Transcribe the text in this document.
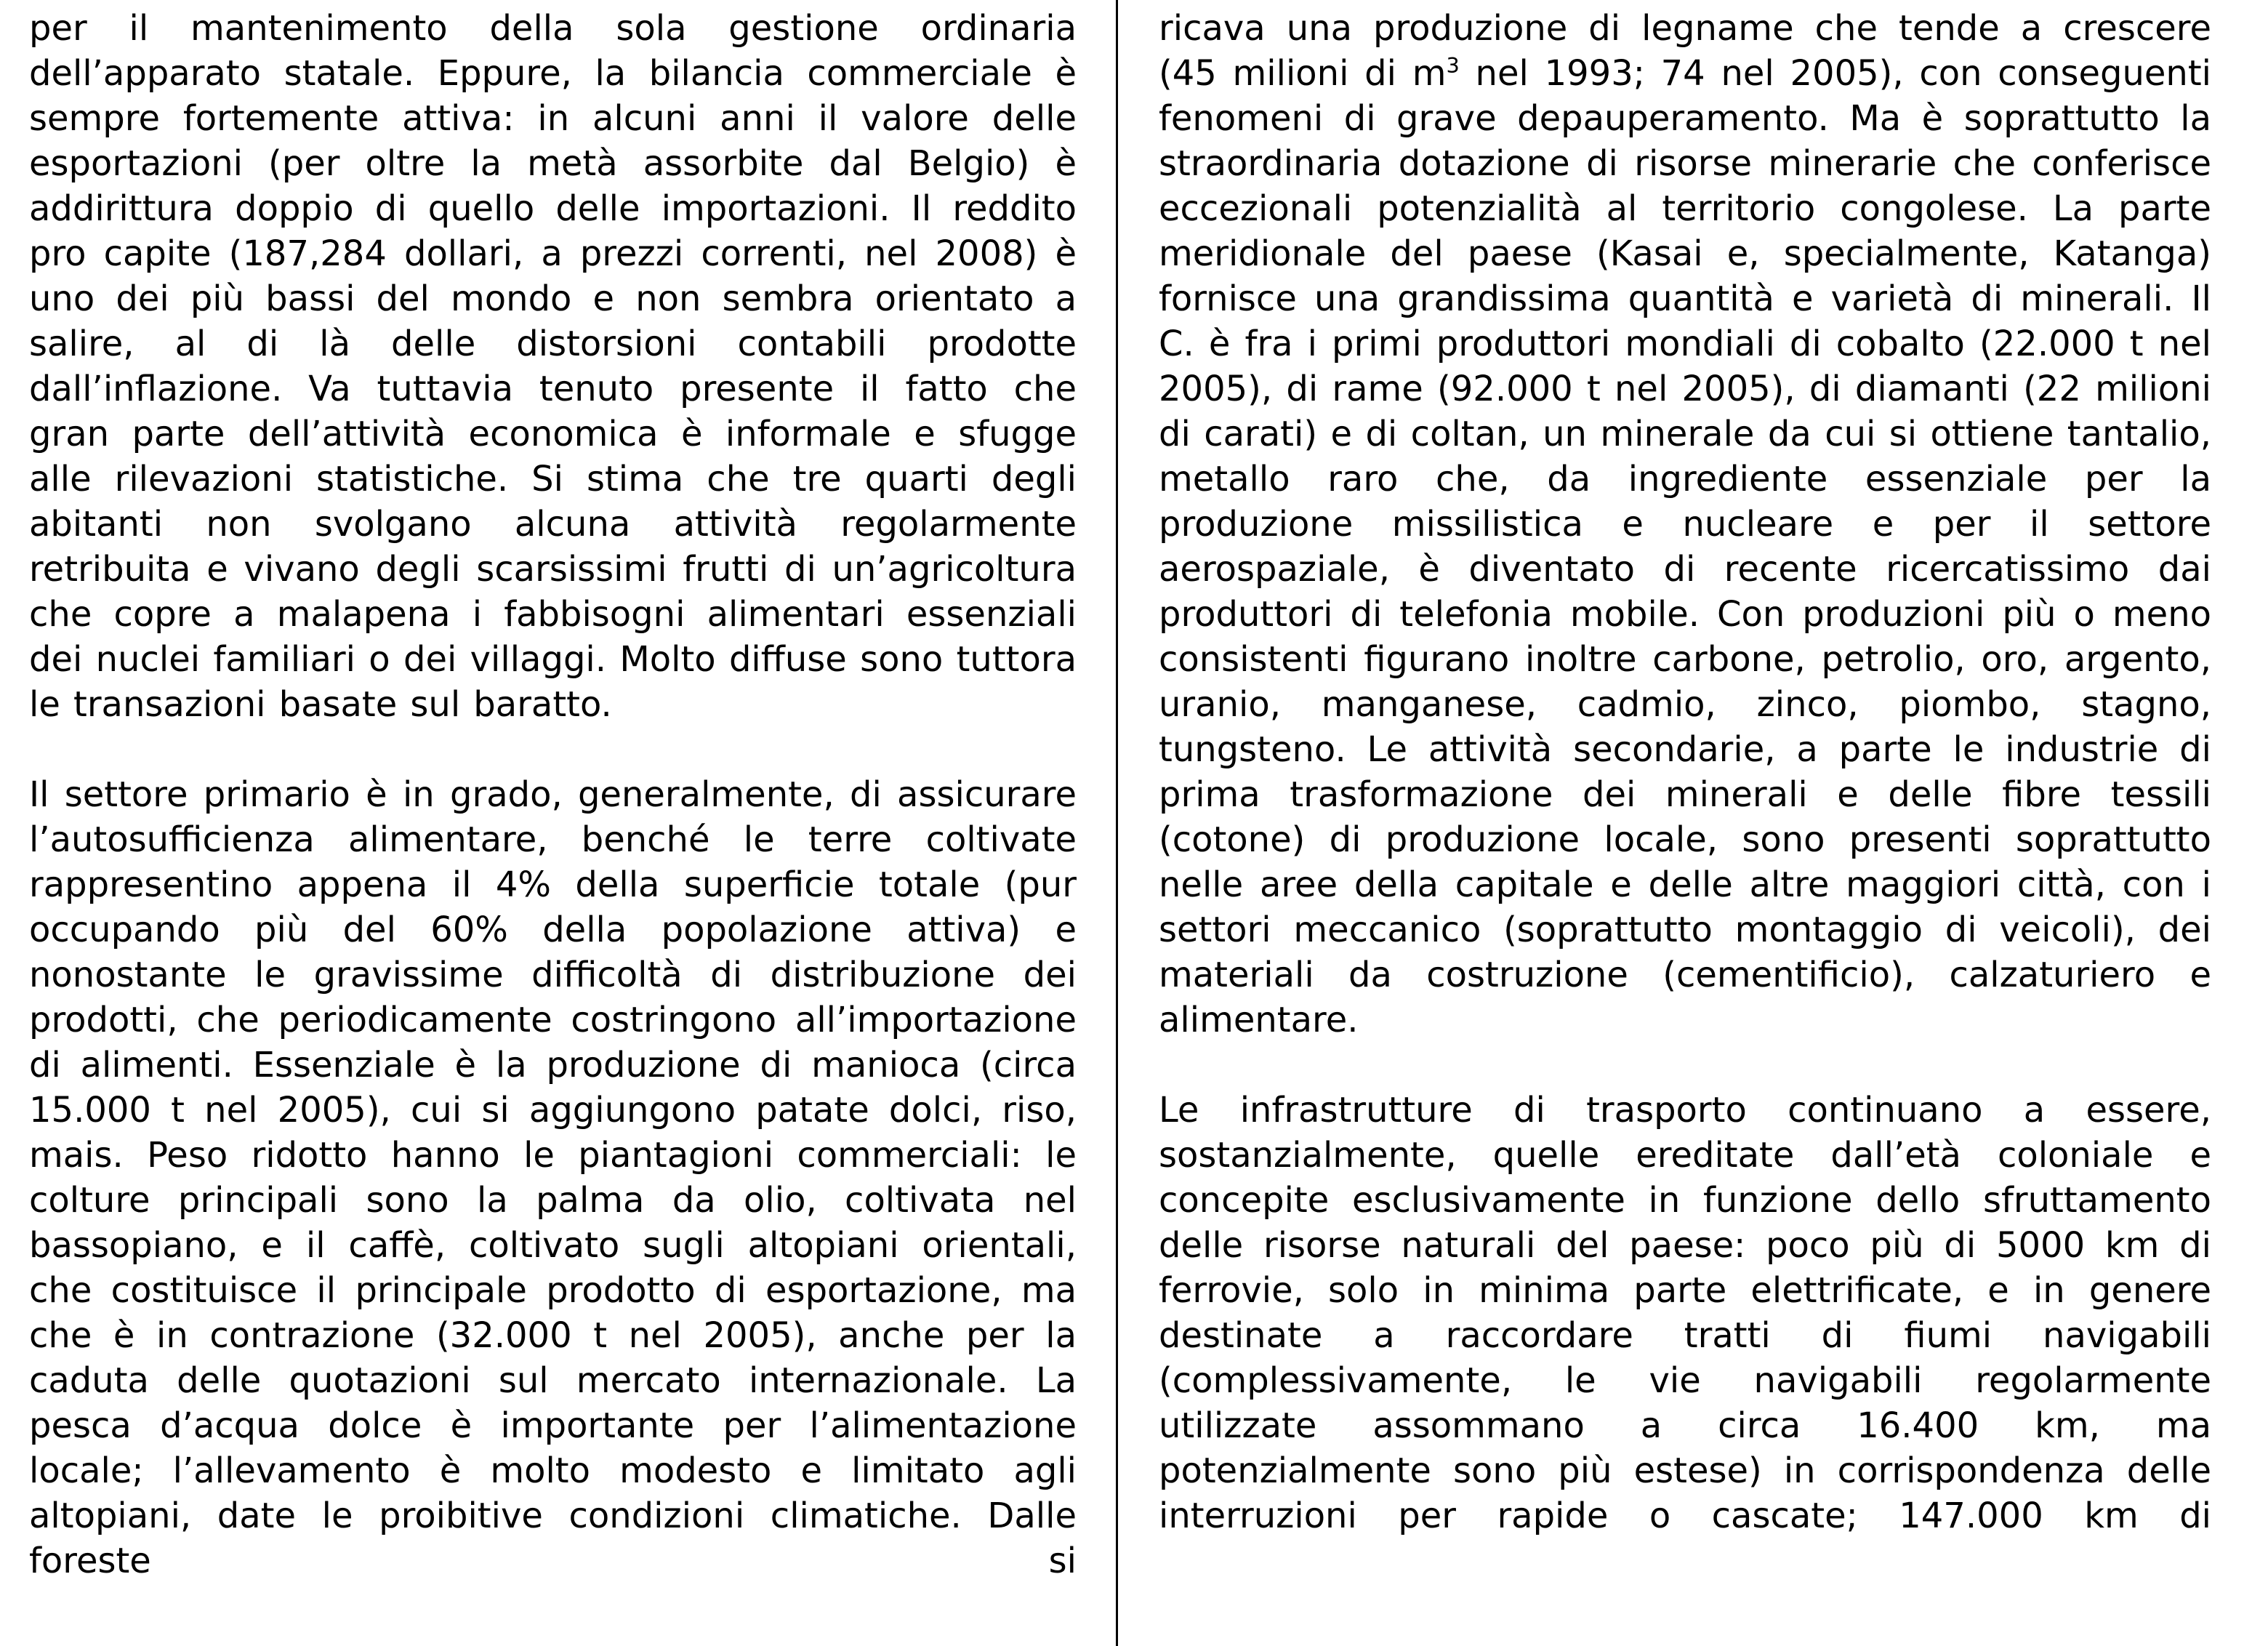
per il mantenimento della sola gestione ordinaria dell’apparato statale. Eppure, la bilancia commerciale è sempre fortemente attiva: in alcuni anni il valore delle esportazioni (per oltre la metà assorbite dal Belgio) è addirittura doppio di quello delle importazioni. Il reddito pro capite (187,284 dollari, a prezzi correnti, nel 2008) è uno dei più bassi del mondo e non sembra orientato a salire, al di là delle distorsioni contabili prodotte dall’inflazione. Va tuttavia tenuto presente il fatto che gran parte dell’attività economica è informale e sfugge alle rilevazioni statistiche. Si stima che tre quarti degli abitanti non svolgano alcuna attività regolarmente retribuita e vivano degli scarsissimi frutti di un’agricoltura che copre a malapena i fabbisogni alimentari essenziali dei nuclei familiari o dei villaggi. Molto diffuse sono tuttora le transazioni basate sul baratto.

Il settore primario è in grado, generalmente, di assicurare l’autosufficienza alimentare, benché le terre coltivate rappresentino appena il 4% della superficie totale (pur occupando più del 60% della popolazione attiva) e nonostante le gravissime difficoltà di distribuzione dei prodotti, che periodicamente costringono all’importazione di alimenti. Essenziale è la produzione di manioca (circa 15.000 t nel 2005), cui si aggiungono patate dolci, riso, mais. Peso ridotto hanno le piantagioni commerciali: le colture principali sono la palma da olio, coltivata nel bassopiano, e il caffè, coltivato sugli altopiani orientali, che costituisce il principale prodotto di esportazione, ma che è in contrazione (32.000 t nel 2005), anche per la caduta delle quotazioni sul mercato internazionale. La pesca d’acqua dolce è importante per l’alimentazione locale; l’allevamento è molto modesto e limitato agli altopiani, date le proibitive condizioni climatiche. Dalle foreste si

ricava una produzione di legname che tende a crescere (45 milioni di $m^3$ nel 1993; 74 nel 2005), con conseguenti fenomeni di grave depauperamento. Ma è soprattutto la straordinaria dotazione di risorse minerarie che conferisce eccezionali potenzialità al territorio congolese. La parte meridionale del paese (Kasai e, specialmente, Katanga) fornisce una grandissima quantità e varietà di minerali. Il C. è fra i primi produttori mondiali di cobalto (22.000 t nel 2005), di rame (92.000 t nel 2005), di diamanti (22 milioni di carati) e di coltan, un minerale da cui si ottiene tantalio, metallo raro che, da ingrediente essenziale per la produzione missilistica e nucleare e per il settore aerospaziale, è diventato di recente ricercatissimo dai produttori di telefonia mobile. Con produzioni più o meno consistenti figurano inoltre carbone, petrolio, oro, argento, uranio, manganese, cadmio, zinco, piombo, stagno, tungsteno. Le attività secondarie, a parte le industrie di prima trasformazione dei minerali e delle fibre tessili (cotone) di produzione locale, sono presenti soprattutto nelle aree della capitale e delle altre maggiori città, con i settori meccanico (soprattutto montaggio di veicoli), dei materiali da costruzione (cementificio), calzaturiero e alimentare.

Le infrastrutture di trasporto continuano a essere, sostanzialmente, quelle ereditate dall’età coloniale e concepite esclusivamente in funzione dello sfruttamento delle risorse naturali del paese: poco più di 5000 km di ferrovie, solo in minima parte elettrificate, e in genere destinate a raccordare tratti di fiumi navigabili (complessivamente, le vie navigabili regolarmente utilizzate assommano a circa 16.400 km, ma potenzialmente sono più estese) in corrispondenza delle interruzioni per rapide o cascate; 147.000 km di
